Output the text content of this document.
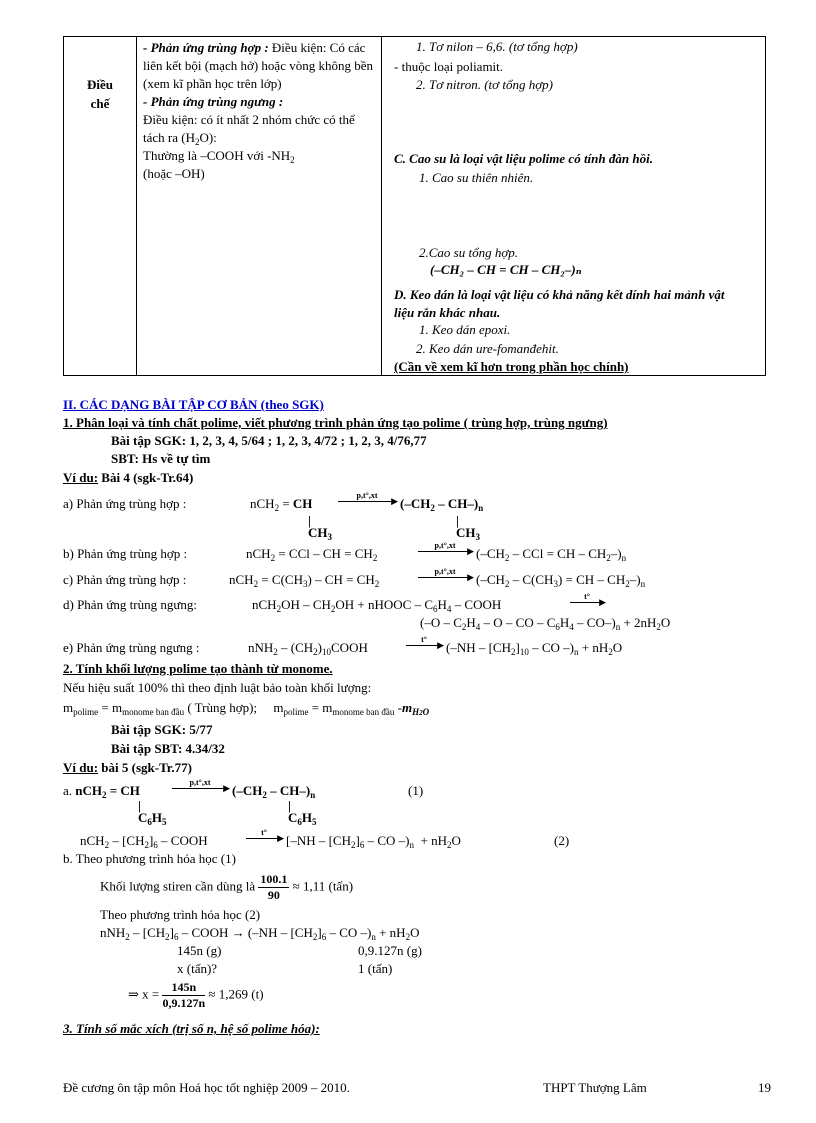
Điều chế	

- Phản ứng trùng hợp : Điều kiện: Có các liên kết bội (mạch hở) hoặc vòng không bền (xem kĩ phần học trên lớp)

- Phản ứng trùng ngưng :

Điều kiện: có ít nhất 2 nhóm chức có thể tách ra $(H_2O)$:

Thường là –COOH với $-NH_2$

(hoặc –OH)

1. Tơ nilon – 6,6. (tơ tổng hợp)
- thuộc loại poliamit.
2. Tơ nitron. (tơ tổng hợp)
C. Cao su là loại vật liệu polime có tính đàn hồi.
1. Cao su thiên nhiên.
2.Cao su tổng hợp.
(–CH₂ – CH = CH – CH₂–)ₙ
D. Keo dán là loại vật liệu có khả năng kết dính hai mảnh vật liệu rắn khác nhau.
1. Keo dán epoxi.
2. Keo dán ure-fomanđehit.
(Cần về xem kĩ hơn trong phần học chính)
II. CÁC DẠNG BÀI TẬP CƠ BẢN (theo SGK)
1. Phân loại và tính chất polime, viết phương trình phản ứng tạo polime ( trùng hợp, trùng ngưng)
Bài tập SGK: 1, 2, 3, 4, 5/64 ; 1, 2, 3, 4/72 ; 1, 2, 3, 4/76,77
SBT: Hs về tự tìm
Ví du: Bài 4 (sgk-Tr.64)
a) Phản ứng trùng hợp :	nCH$_2$ = CH
|
$CH_3$
p,t°,xt
▶ $(-CH_2 - CH-)_n$
|
$CH_3$
b) Phản ứng trùng hợp :	nCH$_2$ = CCl – CH = $CH_2$
p,t°,xt
▶ ($-CH_2$ – CCl = CH – $CH_2-)_n$
c) Phản ứng trùng hợp :	$nCH_2 = C(CH_3)$ – CH = $CH_2$
p,t°,xt
▶ ($-CH_2 - C(CH_3)$ = CH – $CH_2-)_n$
d) Phản ứng trùng ngưng:	$nCH_2OH - CH_2OH$ + nHOOC – $C_6H_4$ – COOH
t°
▶
($-O - C_2H_4$ – O – CO – $C_6H_4 - CO-)_n + 2nH_2O$
e) Phản ứng trùng ngưng :	$nNH_2 - (CH_2)_{10}COOH$
t°
▶ ($-NH - [CH_2]_{10}$ – CO $-)_n + nH_2O$
2. Tính khối lượng polime tạo thành từ monome.
Nếu hiệu suất 100% thì theo định luật bảo toàn khối lượng:
$m_{polime} = m_{monome ban đầu}$ ( Trùng hợp);     $m_{polime} = m_{monome ban đầu}$ $-m_{H2O}$
Bài tập SGK: 5/77
Bài tập SBT: 4.34/32
Ví du: bài 5 (sgk-Tr.77)
a. nCH$_2$ = CH
|
$C_6H_5$
p,t°,xt
▶ $(-CH_2 - CH-)_n$
|
$C_6H_5$
(1)
$nCH_2 - [CH_2]_6$ – COOH
t°
▶ [$-NH - [CH_2]_6$ – CO $-)_n + nH_2O$	(2)
b. Theo phương trình hóa học (1)
Khối lượng stiren cần dùng là $\frac{100.1}{90} \approx 1,11$ (tấn)
Theo phương trình hóa học (2)
$nNH_2 - [CH_2]_6$ – COOH → ($-NH - [CH_2]_6$ – CO $-)_n + nH_2O$
145n (g)	0,9.127n (g)
x (tấn)?	1 (tấn)
⇒ $x = \frac{145n}{0,9.127n} \approx 1,269$ (t)
3. Tính số mắc xích (trị số n, hệ số polime hóa):
Đề cương ôn tập môn Hoá học tốt nghiệp 2009 – 2010.	THPT Thượng Lâm	19
